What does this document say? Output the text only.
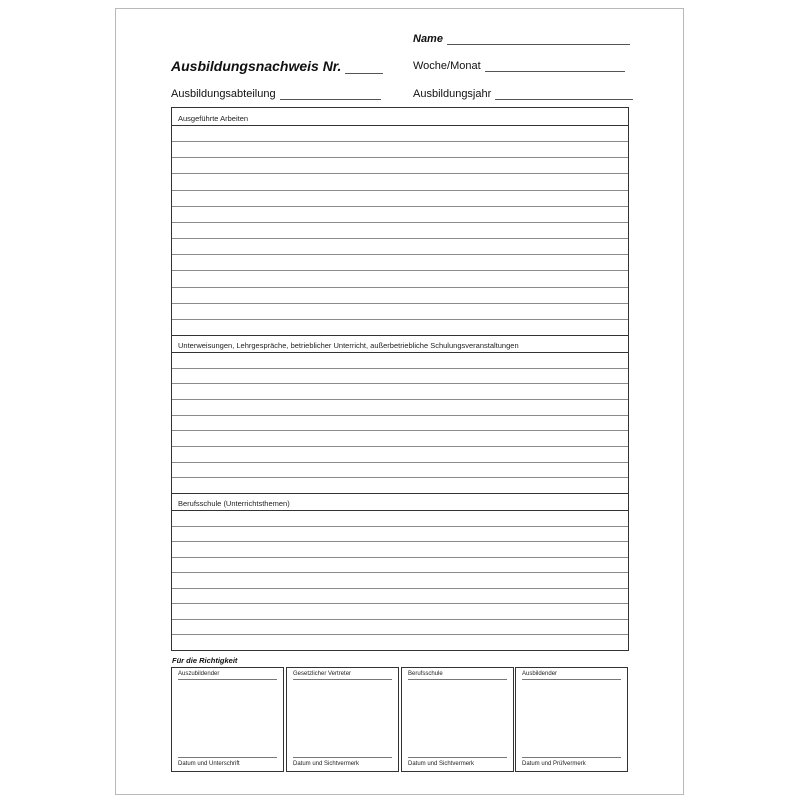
Name
Ausbildungsnachweis Nr.	Woche/Monat
Ausbildungsabteilung	Ausbildungsjahr
Ausgeführte Arbeiten
Unterweisungen, Lehrgespräche, betrieblicher Unterricht, außerbetriebliche Schulungsveranstaltungen
Berufsschule (Unterrichtsthemen)
Für die Richtigkeit
Auszubildender
Datum und Unterschrift
Gesetzlicher Vertreter
Datum und Sichtvermerk
Berufsschule
Datum und Sichtvermerk
Ausbildender
Datum und Prüfvermerk
